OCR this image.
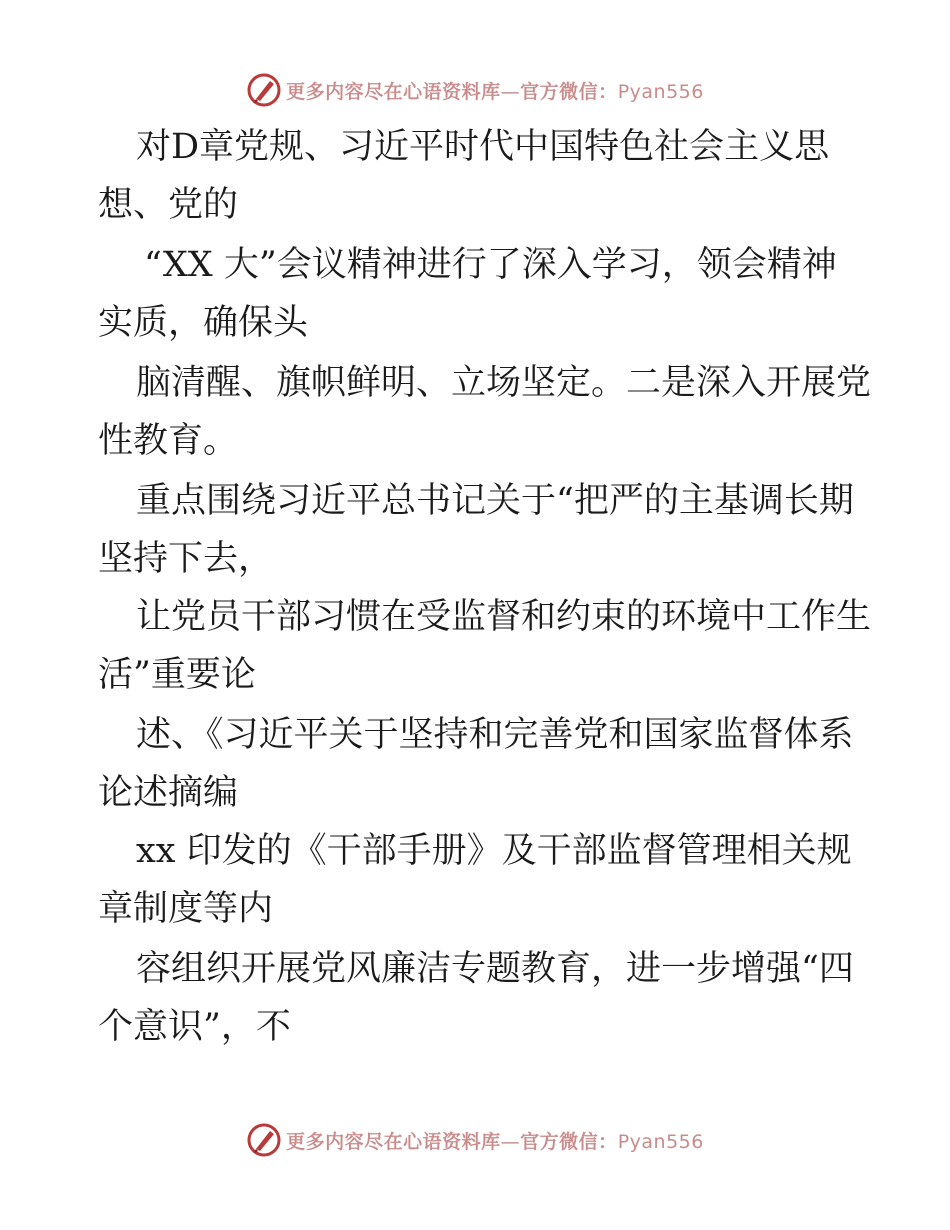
更多内容尽在心语资料库—官方微信：Pyan556
对D章党规、习近平时代中国特色社会主义思
想、党的
“XX 大”会议精神进行了深入学习，领会精神
实质，确保头
脑清醒、旗帜鲜明、立场坚定。二是深入开展党
性教育。
重点围绕习近平总书记关于“把严的主基调长期
坚持下去，
让党员干部习惯在受监督和约束的环境中工作生
活”重要论
述、《习近平关于坚持和完善党和国家监督体系
论述摘编
xx 印发的《干部手册》及干部监督管理相关规
章制度等内
容组织开展党风廉洁专题教育，进一步增强“四
个意识”，不
更多内容尽在心语资料库—官方微信：Pyan556
